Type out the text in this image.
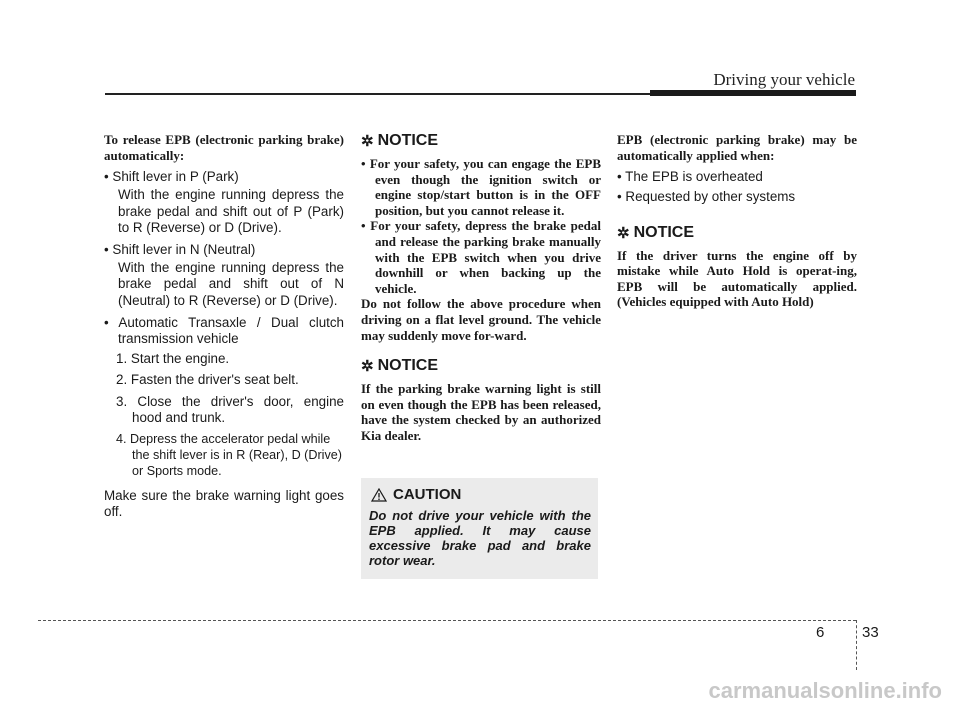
Driving your vehicle

To release EPB (electronic parking brake) automatically:

• Shift lever in P (Park)

With the engine running depress the brake pedal and shift out of P (Park) to R (Reverse) or D (Drive).

• Shift lever in N (Neutral)

With the engine running depress the brake pedal and shift out of N (Neutral) to R (Reverse) or D (Drive).

• Automatic Transaxle / Dual clutch transmission vehicle

1. Start the engine.

2. Fasten the driver's seat belt.

3. Close the driver's door, engine hood and trunk.

4. Depress the accelerator pedal while the shift lever is in R (Rear), D (Drive) or Sports mode.

Make sure the brake warning light goes off.

✲ NOTICE

• For your safety, you can engage the EPB even though the ignition switch or engine stop/start button is in the OFF position, but you cannot release it.

• For your safety, depress the brake pedal and release the parking brake manually with the EPB switch when you drive downhill or when backing up the vehicle.

Do not follow the above procedure when driving on a flat level ground. The vehicle may suddenly move for-ward.

✲ NOTICE

If the parking brake warning light is still on even though the EPB has been released, have the system checked by an authorized Kia dealer.

CAUTION

Do not drive your vehicle with the EPB applied. It may cause excessive brake pad and brake rotor wear.

EPB (electronic parking brake) may be automatically applied when:

• The EPB is overheated

• Requested by other systems

✲ NOTICE

If the driver turns the engine off by mistake while Auto Hold is operat-ing, EPB will be automatically applied. (Vehicles equipped with Auto Hold)

6	33
carmanualsonline.info
